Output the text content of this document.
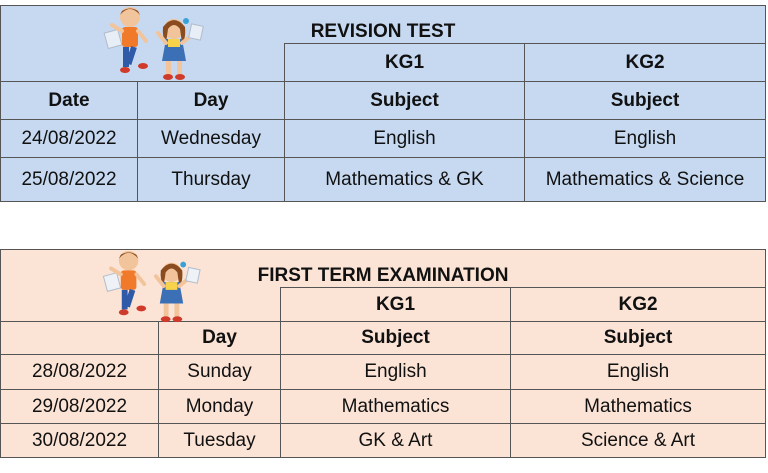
REVISION TEST			
		KG1	KG2
Date	Day	Subject	Subject
24/08/2022	Wednesday	English	English
25/08/2022	Thursday	Mathematics & GK	Mathematics & Science
FIRST TERM EXAMINATION			
		KG1	KG2
	Day	Subject	Subject
28/08/2022	Sunday	English	English
29/08/2022	Monday	Mathematics	Mathematics
30/08/2022	Tuesday	GK & Art	Science & Art
